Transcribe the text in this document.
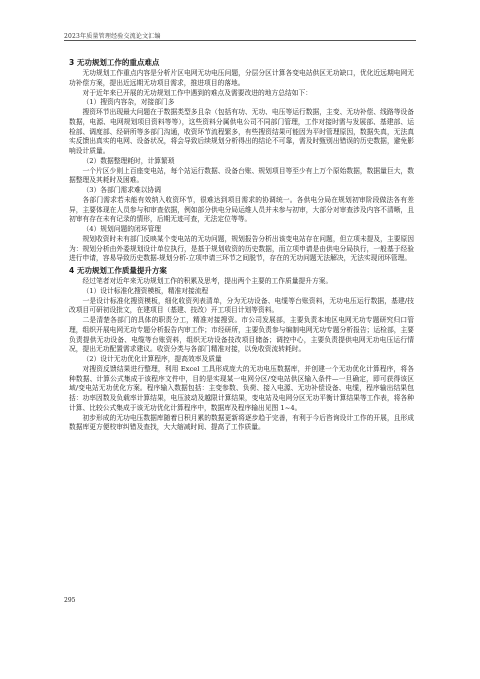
2023年质量管理经验交流论文汇编
3 无功规划工作的重点难点

无功规划工作重点内容是分析片区电网无功电压问题，分层分区计算各变电站供区无功缺口，优化近远期电网无功补偿方案，提出近远期无功项目需求，推进项目的落地。

对于近年来已开展的无功规划工作中遇到的难点及需要改进的地方总结如下：

（1）搜资内容杂，对接部门多

搜资环节出现最大问题在于数据类型多且杂（包括有功、无功、电压等运行数据，主变、无功补偿、线路等设备数据，电源、电网规划项目资料等等），这些资料分属供电公司不同部门管理，工作对接时需与发展部、基建部、运检部、调度部、经研所等多部门沟通，收资环节流程繁多，有些搜资结果可能因为平时管理原因，数据失真，无法真实反馈出真实的电网、设备状况，将会导致后续规划分析得出的结论不可靠，需及时甄别出错误的历史数据，避免影响设计质量。

（2）数据整理耗时，计算繁琐

一个片区少则上百座变电站，每个站运行数据、设备台账、规划项目等至少有上万个原始数据，数据量巨大，数据整理及其耗时及困难。

（3）各部门需求难以协调

各部门需求若未能有效纳入收资环节，很难达到项目需求的协调统一。各供电分局在规划初审阶段做法各有差异，主要体现在人员参与和审查依据，例如部分供电分局运维人员并未参与初审，大部分对审查涉及内容不清晰，且初审有存在未有记录的情形，后期无迹可查，无法定位等等。

（4）规划问题的闭环管理

规划收资时未有部门反映某个变电站的无功问题，规划报告分析出该变电站存在问题，但立项未提及，主要原因为：规划分析由外委规划设计单位执行，是基于规划收资的历史数据，而立项申请是由供电分局执行，一般基于经验进行申请，容易导致历史数据-规划分析-立项申请三环节之间脱节，存在的无功问题无法解决，无法实现闭环管理。

4 无功规划工作质量提升方案

经过笔者对近年来无功规划工作的积累及思考，提出两个主要的工作质量提升方案。

（1）设计标准化搜资模板，精准对接流程

一是设计标准化搜资模板，细化收资列表清单，分为无功设备、电缆等台账资料，无功电压运行数据，基建/技改项目可研初设批文，在建项目（基建、技改）开工项目计划等资料。

二是清楚各部门的具体的职责分工，精准对接搜资。市公司发展部，主要负责本地区电网无功专题研究归口管理，组织开展电网无功专题分析报告内审工作；市经研所，主要负责参与编制电网无功专题分析报告；运检部，主要负责提供无功设备、电缆等台账资料，组织无功设备技改项目储备；调控中心，主要负责提供电网无功电压运行情况，提出无功配置需求建议。收资分类与各部门精准对接，以免收资流转耗时。

（2）设计无功优化计算程序，提高效率及质量

对搜资反馈结果进行整理，利用 Excel 工具形成庞大的无功电压数据库，并创建一个无功优化计算程序，将各种数据、计算公式集成于该程序文件中，目的是实现某一电网分区/变电站供区输入条件—一旦确定，即可获得该区域/变电站无功优化方案。程序输入数据包括：主变参数、负荷、接入电源、无功补偿设备、电缆，程序输出结果包括：功率因数及负载率计算结果，电压波动及越限计算结果，变电站及电网分区无功平衡计算结果等工作表，将各种计算、比较公式集成于该无功优化计算程序中，数据库及程序输出见图 1~4。

初步形成的无功电压数据库随着日积月累的数据更新将逐步趋于完善，有利于今后咨询设计工作的开展，且形成数据库更方便校审纠错及查找，大大缩减时间、提高了工作质量。

295
